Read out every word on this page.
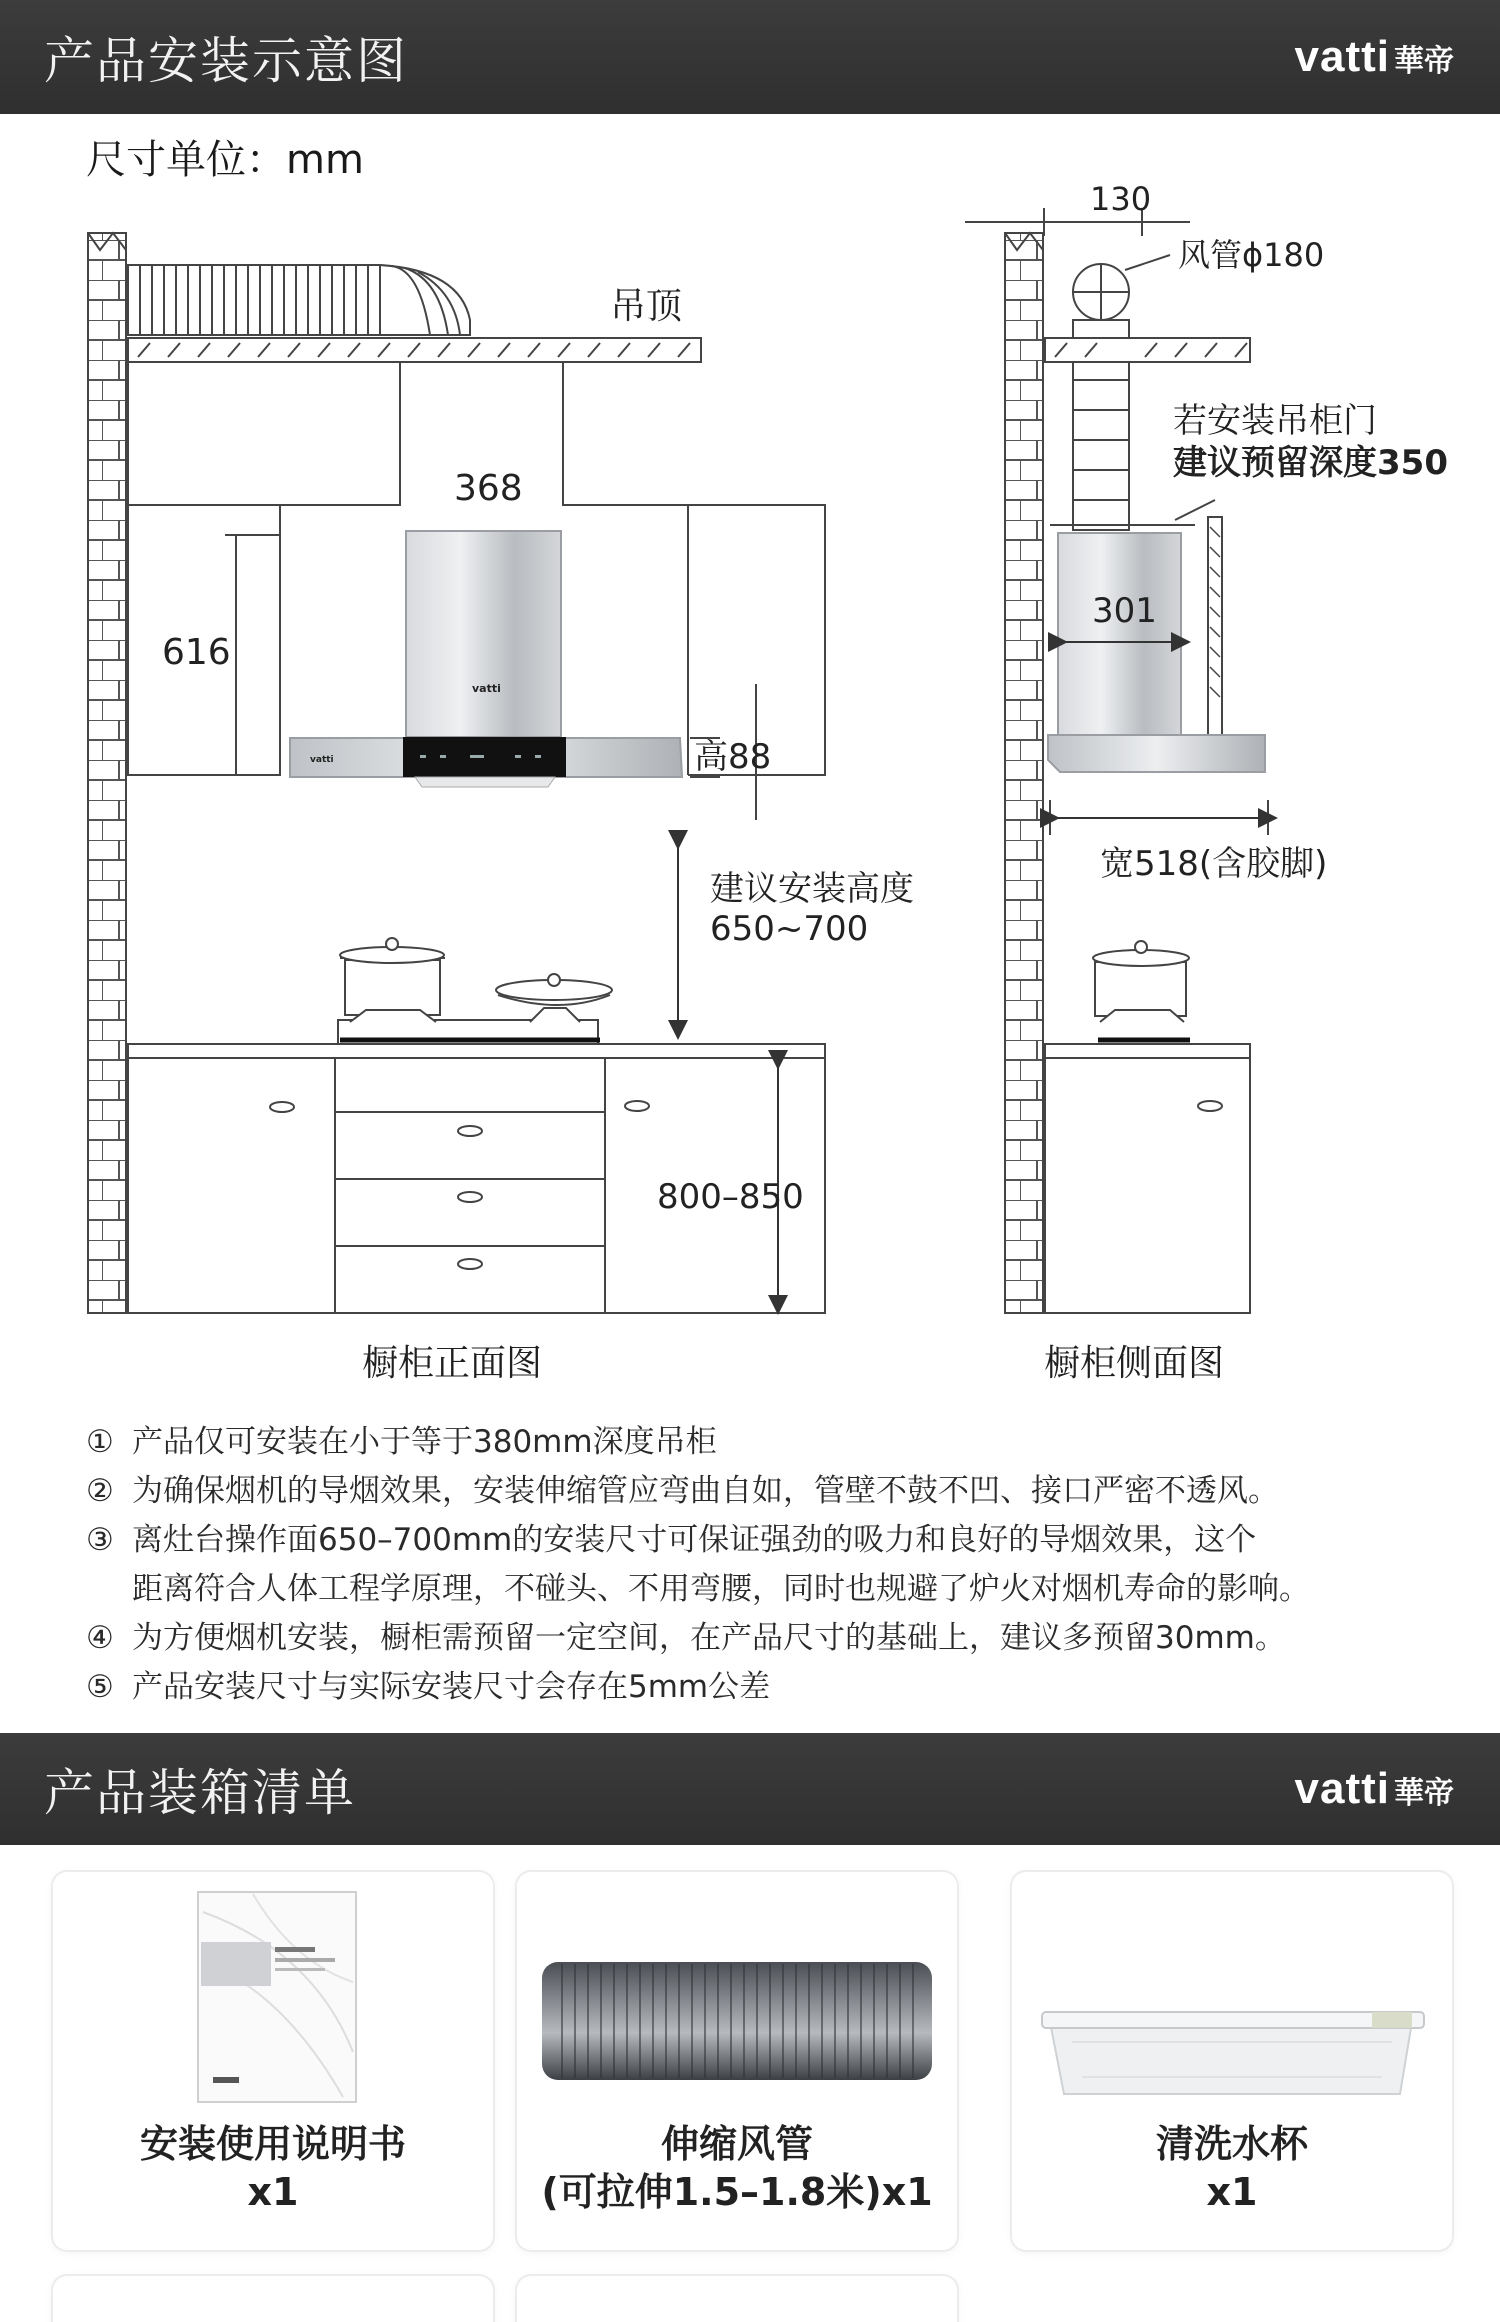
产品安装示意图	vatti 華帝
尺寸单位：mm
吊顶
368
616
vatti
vatti	高88
建议安装高度
650~700
800–850
130
风管ϕ180
若安装吊柜门
建议预留深度350
301
宽518(含胶脚)
橱柜正面图	橱柜侧面图
① 产品仅可安装在小于等于380mm深度吊柜
② 为确保烟机的导烟效果，安装伸缩管应弯曲自如，管壁不鼓不凹、接口严密不透风。
③ 离灶台操作面650–700mm的安装尺寸可保证强劲的吸力和良好的导烟效果，这个
距离符合人体工程学原理，不碰头、不用弯腰，同时也规避了炉火对烟机寿命的影响。
④ 为方便烟机安装，橱柜需预留一定空间，在产品尺寸的基础上，建议多预留30mm。
⑤ 产品安装尺寸与实际安装尺寸会存在5mm公差
产品装箱清单	vatti 華帝
安装使用说明书
x1
伸缩风管
(可拉伸1.5–1.8米)x1
清洗水杯
x1
